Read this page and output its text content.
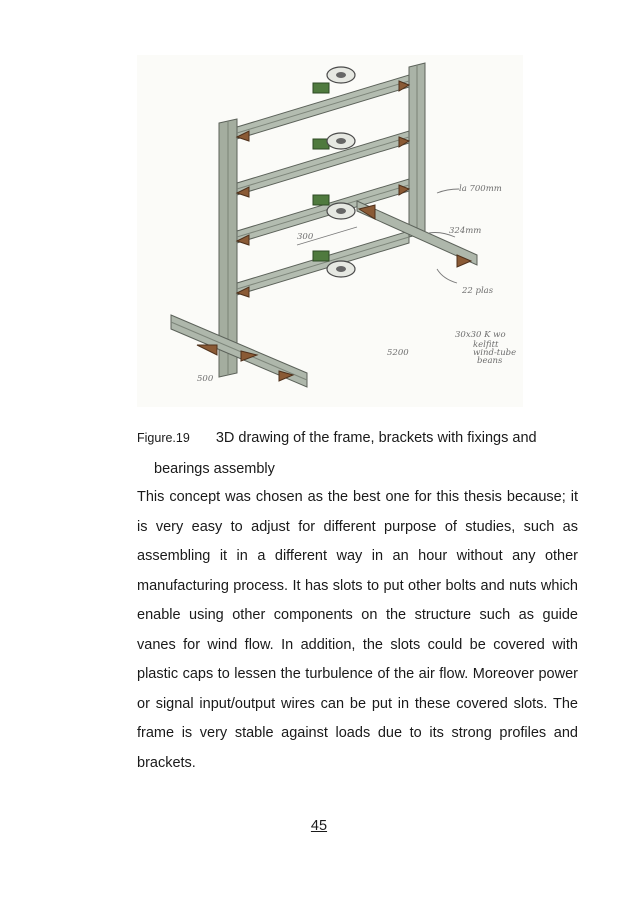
la 700mm
324mm
22 plas
30x30 K wo
300
500
5200
kelfitt
wind-tube
beans
Figure.19 3D drawing of the frame, brackets with fixings and
bearings assembly
This concept was chosen as the best one for this thesis because; it is very easy to adjust for different purpose of studies, such as assembling it in a different way in an hour without any other manufacturing process. It has slots to put other bolts and nuts which enable using other components on the structure such as guide vanes for wind flow. In addition, the slots could be covered with plastic caps to lessen the turbulence of the air flow. Moreover power or signal input/output wires can be put in these covered slots. The frame is very stable against loads due to its strong profiles and brackets.
45
